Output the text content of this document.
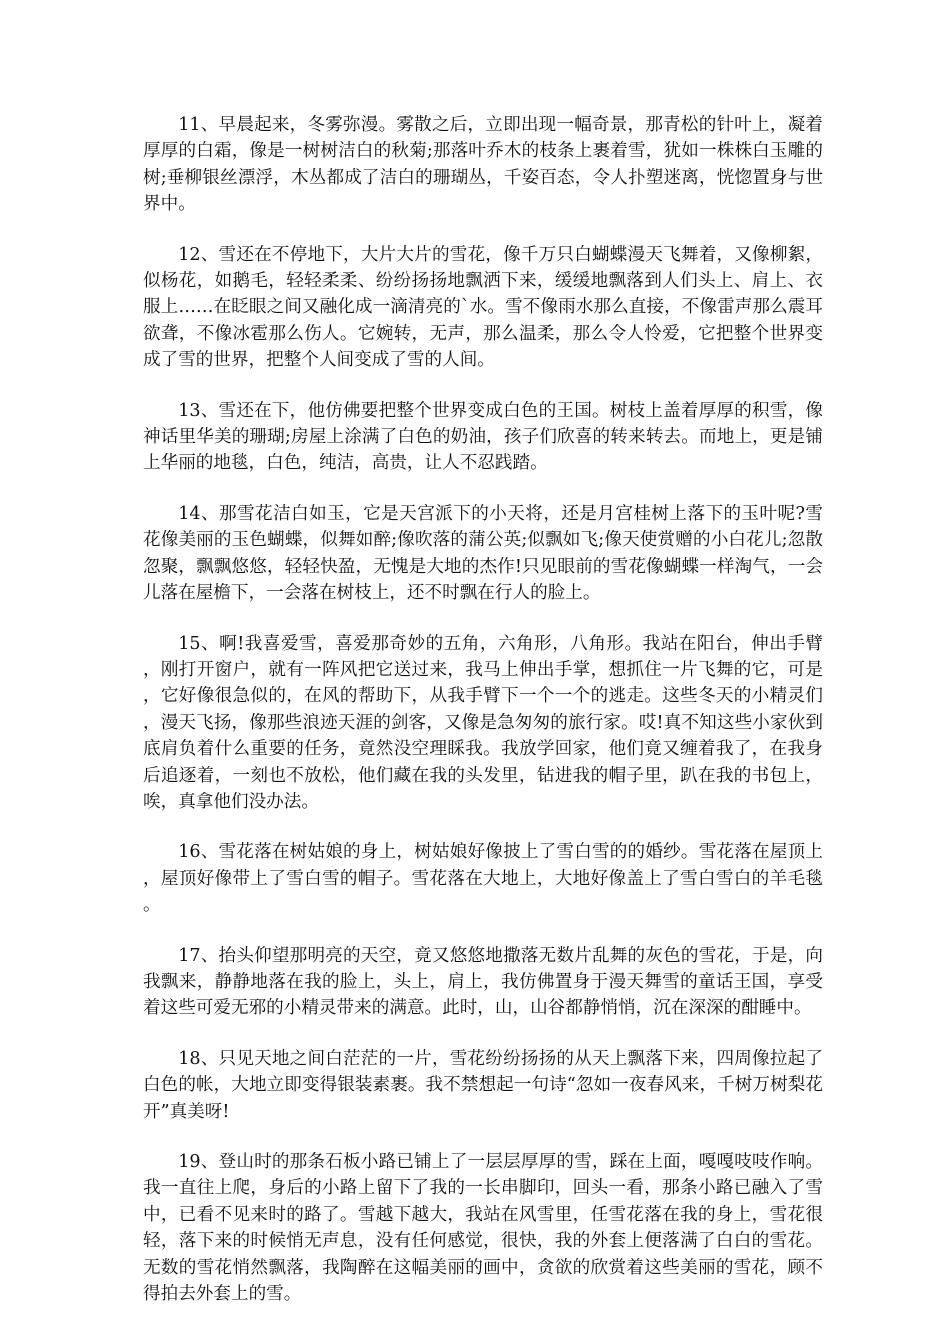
11、早晨起来，冬雾弥漫。雾散之后，立即出现一幅奇景，那青松的针叶上，凝着厚厚的白霜，像是一树树洁白的秋菊;那落叶乔木的枝条上裹着雪，犹如一株株白玉雕的树;垂柳银丝漂浮，木丛都成了洁白的珊瑚丛，千姿百态，令人扑塑迷离，恍惚置身与世界中。

12、雪还在不停地下，大片大片的雪花，像千万只白蝴蝶漫天飞舞着，又像柳絮，似杨花，如鹅毛，轻轻柔柔、纷纷扬扬地飘洒下来，缓缓地飘落到人们头上、肩上、衣服上……在眨眼之间又融化成一滴清亮的`水。雪不像雨水那么直接，不像雷声那么震耳欲聋，不像冰雹那么伤人。它婉转，无声，那么温柔，那么令人怜爱，它把整个世界变成了雪的世界，把整个人间变成了雪的人间。

13、雪还在下，他仿佛要把整个世界变成白色的王国。树枝上盖着厚厚的积雪，像神话里华美的珊瑚;房屋上涂满了白色的奶油，孩子们欣喜的转来转去。而地上，更是铺上华丽的地毯，白色，纯洁，高贵，让人不忍践踏。

14、那雪花洁白如玉，它是天宫派下的小天将，还是月宫桂树上落下的玉叶呢?雪花像美丽的玉色蝴蝶，似舞如醉;像吹落的蒲公英;似飘如飞;像天使赏赠的小白花儿;忽散忽聚，飘飘悠悠，轻轻快盈，无愧是大地的杰作!只见眼前的雪花像蝴蝶一样淘气，一会儿落在屋檐下，一会落在树枝上，还不时飘在行人的脸上。

15、啊!我喜爱雪，喜爱那奇妙的五角，六角形，八角形。我站在阳台，伸出手臂，刚打开窗户，就有一阵风把它送过来，我马上伸出手掌，想抓住一片飞舞的它，可是，它好像很急似的，在风的帮助下，从我手臂下一个一个的逃走。这些冬天的小精灵们，漫天飞扬，像那些浪迹天涯的剑客，又像是急匆匆的旅行家。哎!真不知这些小家伙到底肩负着什么重要的任务，竟然没空理睬我。我放学回家，他们竟又缠着我了，在我身后追逐着，一刻也不放松，他们藏在我的头发里，钻进我的帽子里，趴在我的书包上，唉，真拿他们没办法。

16、雪花落在树姑娘的身上，树姑娘好像披上了雪白雪的的婚纱。雪花落在屋顶上，屋顶好像带上了雪白雪的帽子。雪花落在大地上，大地好像盖上了雪白雪白的羊毛毯。

17、抬头仰望那明亮的天空，竟又悠悠地撒落无数片乱舞的灰色的雪花，于是，向我飘来，静静地落在我的脸上，头上，肩上，我仿佛置身于漫天舞雪的童话王国，享受着这些可爱无邪的小精灵带来的满意。此时，山，山谷都静悄悄，沉在深深的酣睡中。

18、只见天地之间白茫茫的一片，雪花纷纷扬扬的从天上飘落下来，四周像拉起了白色的帐，大地立即变得银装素裹。我不禁想起一句诗“忽如一夜春风来，千树万树梨花开”真美呀!

19、登山时的那条石板小路已铺上了一层层厚厚的雪，踩在上面，嘎嘎吱吱作响。我一直往上爬，身后的小路上留下了我的一长串脚印，回头一看，那条小路已融入了雪中，已看不见来时的路了。雪越下越大，我站在风雪里，任雪花落在我的身上，雪花很轻，落下来的时候悄无声息，没有任何感觉，很快，我的外套上便落满了白白的雪花。无数的雪花悄然飘落，我陶醉在这幅美丽的画中，贪欲的欣赏着这些美丽的雪花，顾不得拍去外套上的雪。
